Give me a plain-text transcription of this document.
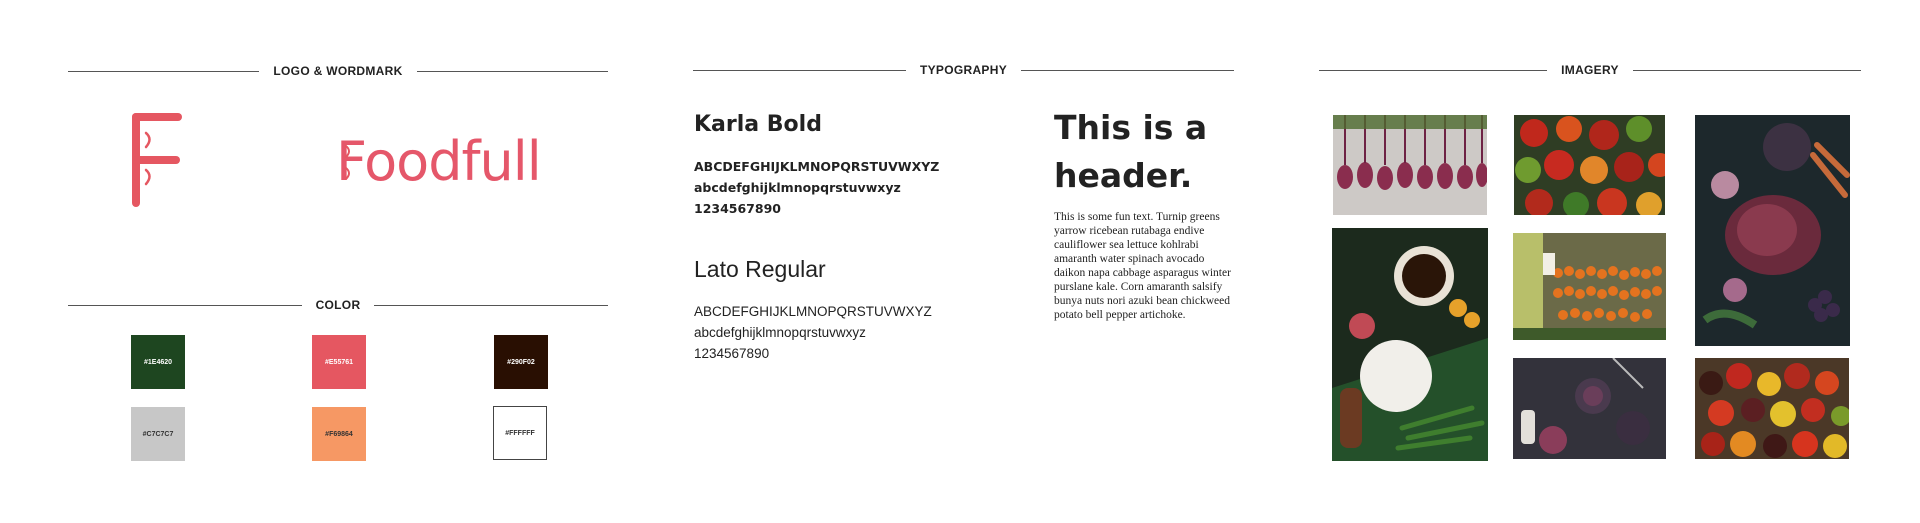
LOGO & WORDMARK
Foodfull
COLOR
#1E4620	#E55761	#290F02
#C7C7C7	#F69864	#FFFFFF
TYPOGRAPHY
Karla Bold
ABCDEFGHIJKLMNOPQRSTUVWXYZ
abcdefghijklmnopqrstuvwxyz
1234567890
Lato Regular
ABCDEFGHIJKLMNOPQRSTUVWXYZ
abcdefghijklmnopqrstuvwxyz
1234567890
This is a header.
This is some fun text. Turnip greens yarrow ricebean rutabaga endive cauliflower sea lettuce kohlrabi amaranth water spinach avocado daikon napa cabbage asparagus winter purslane kale. Corn amaranth salsify bunya nuts nori azuki bean chickweed potato bell pepper artichoke.
IMAGERY
